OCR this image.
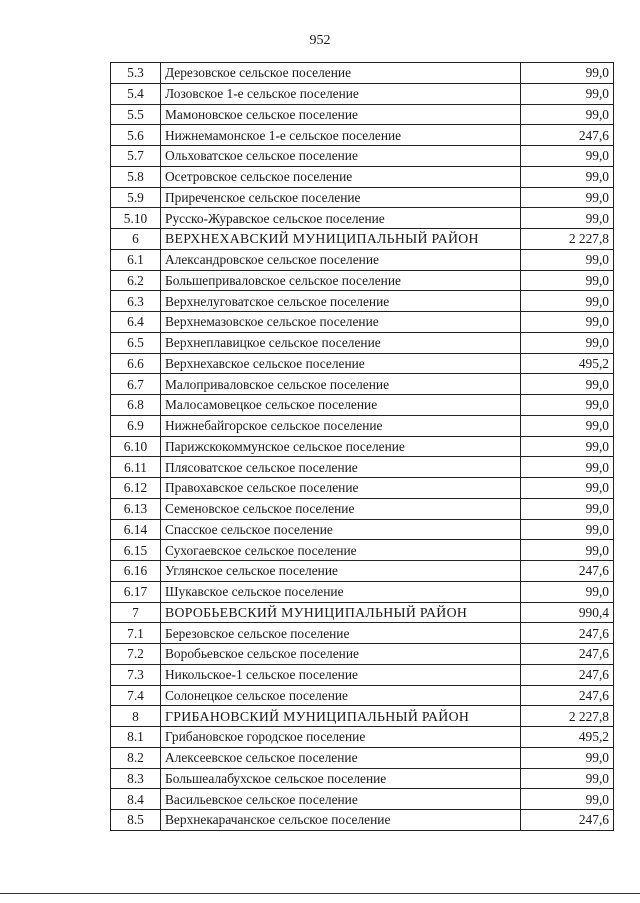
952
5.3	Дерезовское сельское поселение	99,0
5.4	Лозовское 1-е сельское поселение	99,0
5.5	Мамоновское сельское поселение	99,0
5.6	Нижнемамонское 1-е сельское поселение	247,6
5.7	Ольховатское сельское поселение	99,0
5.8	Осетровское сельское поселение	99,0
5.9	Приреченское сельское поселение	99,0
5.10	Русско-Журавское сельское поселение	99,0
6	ВЕРХНЕХАВСКИЙ МУНИЦИПАЛЬНЫЙ РАЙОН	2 227,8
6.1	Александровское сельское поселение	99,0
6.2	Большеприваловское сельское поселение	99,0
6.3	Верхнелуговатское сельское поселение	99,0
6.4	Верхнемазовское сельское поселение	99,0
6.5	Верхнеплавицкое сельское поселение	99,0
6.6	Верхнехавское сельское поселение	495,2
6.7	Малоприваловское сельское поселение	99,0
6.8	Малосамовецкое сельское поселение	99,0
6.9	Нижнебайгорское сельское поселение	99,0
6.10	Парижскокоммунское сельское поселение	99,0
6.11	Плясоватское сельское поселение	99,0
6.12	Правохавское сельское поселение	99,0
6.13	Семеновское сельское поселение	99,0
6.14	Спасское сельское поселение	99,0
6.15	Сухогаевское сельское поселение	99,0
6.16	Углянское сельское поселение	247,6
6.17	Шукавское сельское поселение	99,0
7	ВОРОБЬЕВСКИЙ МУНИЦИПАЛЬНЫЙ РАЙОН	990,4
7.1	Березовское сельское поселение	247,6
7.2	Воробьевское сельское поселение	247,6
7.3	Никольское-1 сельское поселение	247,6
7.4	Солонецкое сельское поселение	247,6
8	ГРИБАНОВСКИЙ МУНИЦИПАЛЬНЫЙ РАЙОН	2 227,8
8.1	Грибановское городское поселение	495,2
8.2	Алексеевское сельское поселение	99,0
8.3	Большеалабухское сельское поселение	99,0
8.4	Васильевское сельское поселение	99,0
8.5	Верхнекарачанское сельское поселение	247,6
